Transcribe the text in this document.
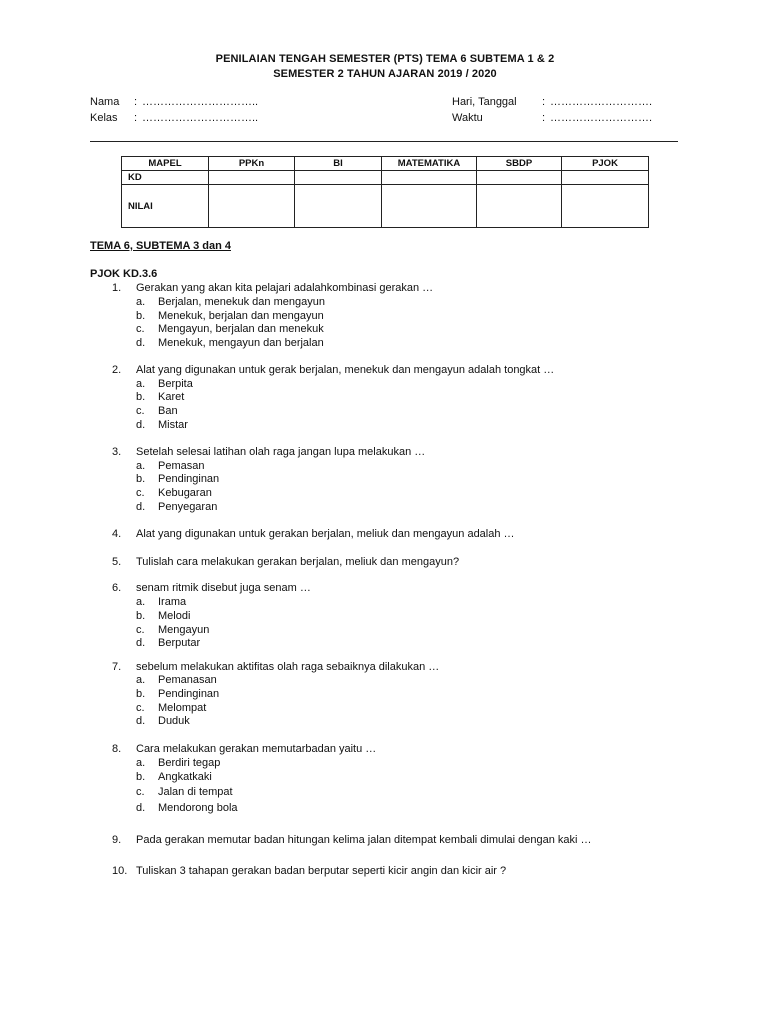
PENILAIAN TENGAH SEMESTER (PTS) TEMA 6 SUBTEMA 1 & 2
SEMESTER 2 TAHUN AJARAN 2019 / 2020
Nama : …………………………..
Kelas : …………………………..
Hari, Tanggal : ……………………….
Waktu	: ……………………….
MAPEL	PPKn	BI	MATEMATIKA	SBDP	PJOK
KD					
NILAI					
TEMA 6, SUBTEMA 3 dan 4
PJOK KD.3.6
1.Gerakan yang akan kita pelajari adalahkombinasi gerakan …
a. Berjalan, menekuk dan mengayun
b. Menekuk, berjalan dan mengayun
c. Mengayun, berjalan dan menekuk
d. Menekuk, mengayun dan berjalan
2. Alat yang digunakan untuk gerak berjalan, menekuk dan mengayun adalah tongkat …
a. Berpita
b. Karet
c. Ban
d. Mistar
3. Setelah selesai latihan olah raga jangan lupa melakukan …
a. Pemasan
b. Pendinginan
c. Kebugaran
d. Penyegaran
4. Alat yang digunakan untuk gerakan berjalan, meliuk dan mengayun adalah …
5. Tulislah cara melakukan gerakan berjalan, meliuk dan mengayun?
6. senam ritmik disebut juga senam …
a. Irama
b. Melodi
c. Mengayun
d. Berputar
7. sebelum melakukan aktifitas olah raga sebaiknya dilakukan …
a. Pemanasan
b. Pendinginan
c. Melompat
d. Duduk
8. Cara melakukan gerakan memutarbadan yaitu …
a. Berdiri tegap
b. Angkatkaki
c. Jalan di tempat
d. Mendorong bola
9. Pada gerakan memutar badan hitungan kelima jalan ditempat kembali dimulai dengan kaki …
10. Tuliskan 3 tahapan gerakan badan berputar seperti kicir angin dan kicir air ?
